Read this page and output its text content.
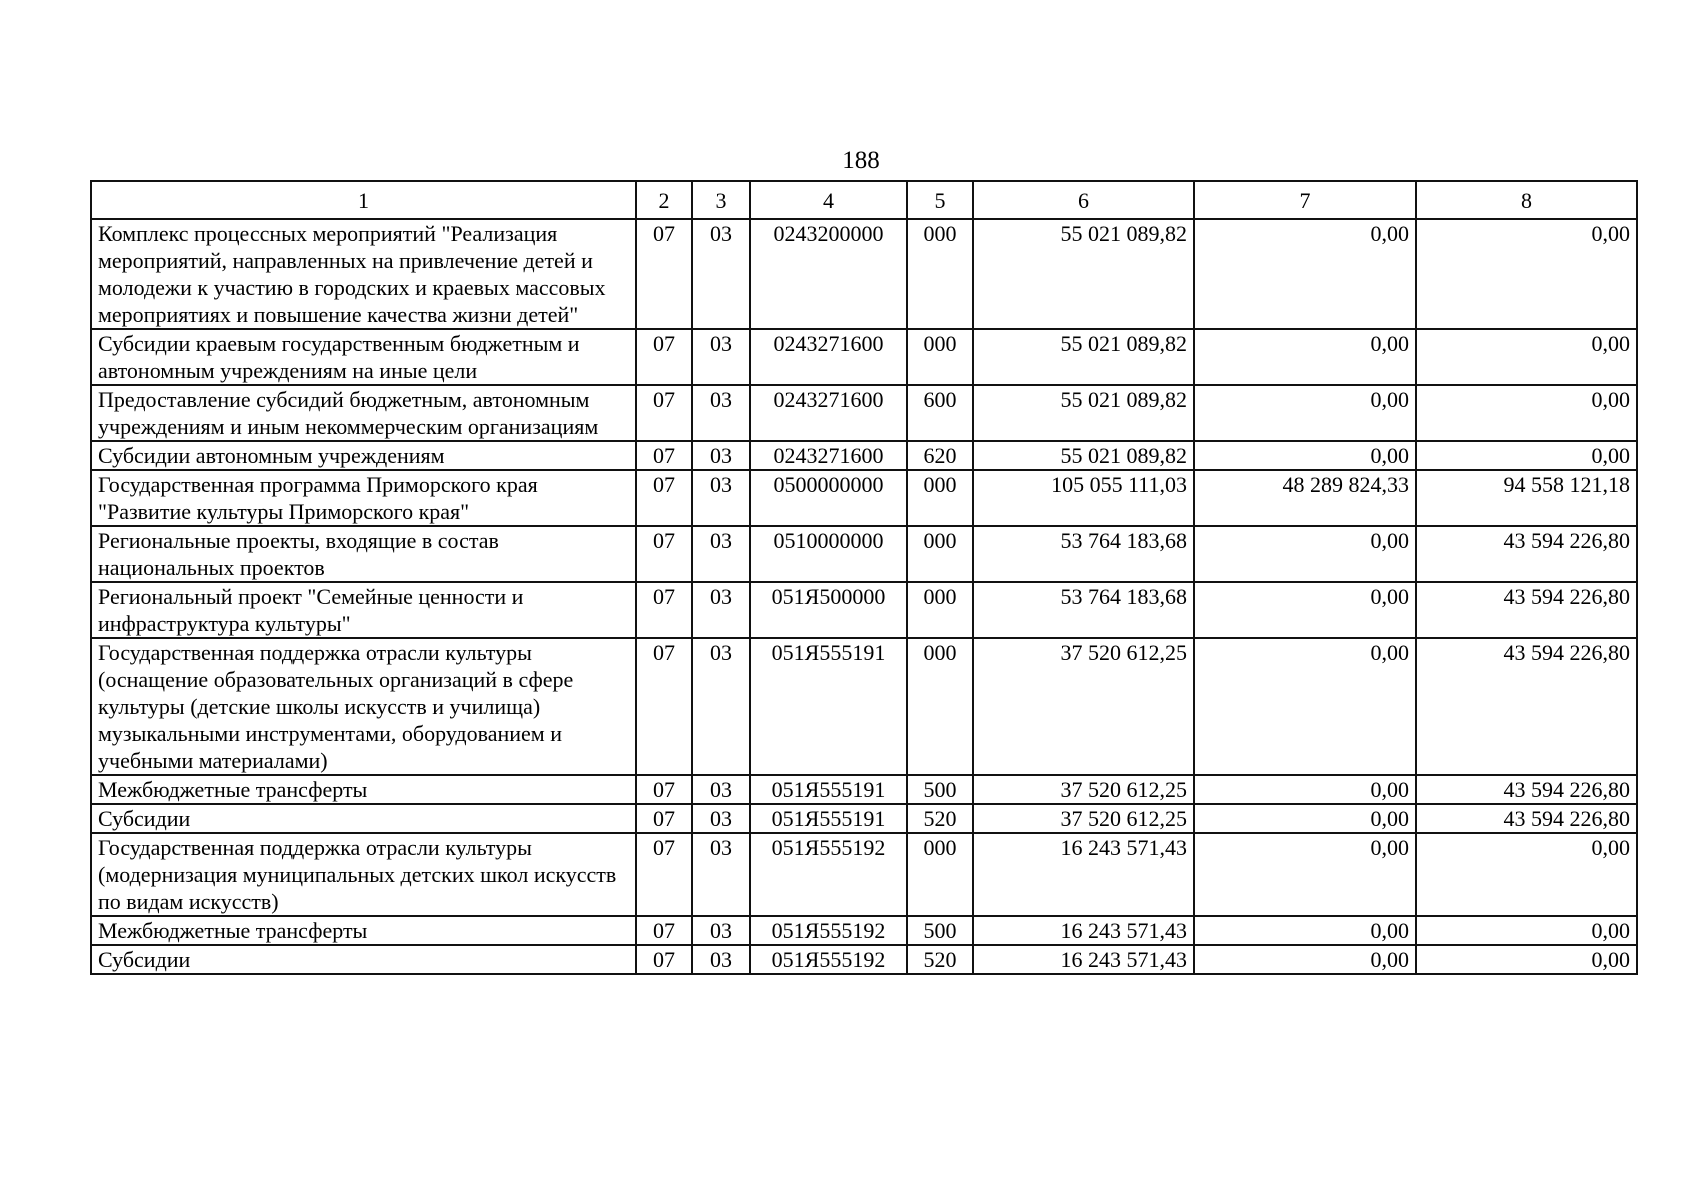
188
1	2	3	4	5	6	7	8
Комплекс процессных мероприятий "Реализация мероприятий, направленных на привлечение детей и молодежи к участию в городских и краевых массовых мероприятиях и повышение качества жизни детей"	07	03	0243200000	000	55 021 089,82	0,00	0,00
Субсидии краевым государственным бюджетным и автономным учреждениям на иные цели	07	03	0243271600	000	55 021 089,82	0,00	0,00
Предоставление субсидий бюджетным, автономным учреждениям и иным некоммерческим организациям	07	03	0243271600	600	55 021 089,82	0,00	0,00
Субсидии автономным учреждениям	07	03	0243271600	620	55 021 089,82	0,00	0,00
Государственная программа Приморского края "Развитие культуры Приморского края"	07	03	0500000000	000	105 055 111,03	48 289 824,33	94 558 121,18
Региональные проекты, входящие в состав национальных проектов	07	03	0510000000	000	53 764 183,68	0,00	43 594 226,80
Региональный проект "Семейные ценности и инфраструктура культуры"	07	03	051Я500000	000	53 764 183,68	0,00	43 594 226,80
Государственная поддержка отрасли культуры (оснащение образовательных организаций в сфере культуры (детские школы искусств и училища) музыкальными инструментами, оборудованием и учебными материалами)	07	03	051Я555191	000	37 520 612,25	0,00	43 594 226,80
Межбюджетные трансферты	07	03	051Я555191	500	37 520 612,25	0,00	43 594 226,80
Субсидии	07	03	051Я555191	520	37 520 612,25	0,00	43 594 226,80
Государственная поддержка отрасли культуры (модернизация муниципальных детских школ искусств по видам искусств)	07	03	051Я555192	000	16 243 571,43	0,00	0,00
Межбюджетные трансферты	07	03	051Я555192	500	16 243 571,43	0,00	0,00
Субсидии	07	03	051Я555192	520	16 243 571,43	0,00	0,00
